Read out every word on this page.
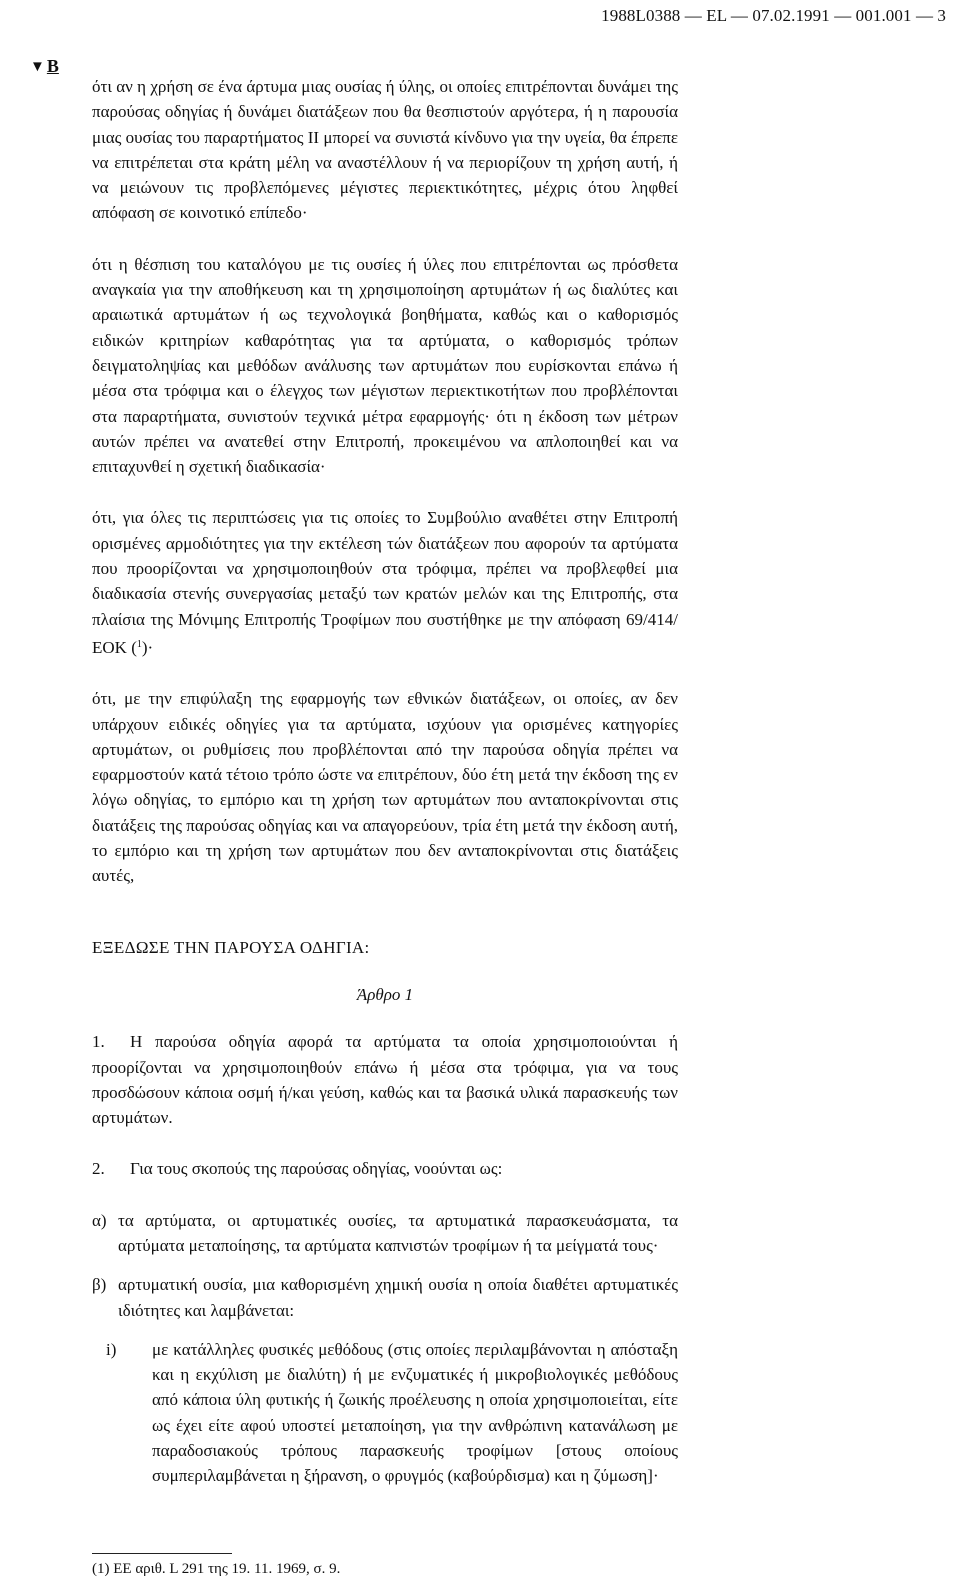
1988L0388 — EL — 07.02.1991 — 001.001 — 3
▼ B

ότι αν η χρήση σε ένα άρτυμα μιας ουσίας ή ύλης, οι οποίες επιτρέπονται δυνάμει της παρούσας οδηγίας ή δυνάμει διατάξεων που θα θεσπιστούν αργότερα, ή η παρουσία μιας ουσίας του παραρτήματος ΙΙ μπορεί να συνιστά κίνδυνο για την υγεία, θα έπρεπε να επιτρέπεται στα κράτη μέλη να αναστέλλουν ή να περιορίζουν τη χρήση αυτή, ή να μειώνουν τις προβλεπόμενες μέγιστες περιεκτικότητες, μέχρις ότου ληφθεί απόφαση σε κοινοτικό επίπεδο·

ότι η θέσπιση του καταλόγου με τις ουσίες ή ύλες που επιτρέπονται ως πρόσθετα αναγκαία για την αποθήκευση και τη χρησιμοποίηση αρτυμάτων ή ως διαλύτες και αραιωτικά αρτυμάτων ή ως τεχνολογικά βοηθήματα, καθώς και ο καθορισμός ειδικών κριτηρίων καθαρότητας για τα αρτύματα, ο καθορισμός τρόπων δειγματοληψίας και μεθόδων ανάλυσης των αρτυμάτων που ευρίσκονται επάνω ή μέσα στα τρόφιμα και ο έλεγχος των μέγιστων περιεκτικοτήτων που προβλέπονται στα παραρτήματα, συνιστούν τεχνικά μέτρα εφαρμογής· ότι η έκδοση των μέτρων αυτών πρέπει να ανατεθεί στην Επιτροπή, προκειμένου να απλοποιηθεί και να επιταχυνθεί η σχετική διαδικασία·

ότι, για όλες τις περιπτώσεις για τις οποίες το Συμβούλιο αναθέτει στην Επιτροπή ορισμένες αρμοδιότητες για την εκτέλεση τών διατάξεων που αφορούν τα αρτύματα που προορίζονται να χρησιμοποιηθούν στα τρόφιμα, πρέπει να προβλεφθεί μια διαδικασία στενής συνεργασίας μεταξύ των κρατών μελών και της Επιτροπής, στα πλαίσια της Μόνιμης Επιτροπής Τροφίμων που συστήθηκε με την απόφαση 69/414/ΕΟΚ ($^1$)·

ότι, με την επιφύλαξη της εφαρμογής των εθνικών διατάξεων, οι οποίες, αν δεν υπάρχουν ειδικές οδηγίες για τα αρτύματα, ισχύουν για ορισμένες κατηγορίες αρτυμάτων, οι ρυθμίσεις που προβλέπονται από την παρούσα οδηγία πρέπει να εφαρμοστούν κατά τέτοιο τρόπο ώστε να επιτρέπουν, δύο έτη μετά την έκδοση της εν λόγω οδηγίας, το εμπόριο και τη χρήση των αρτυμάτων που ανταποκρίνονται στις διατάξεις της παρούσας οδηγίας και να απαγορεύουν, τρία έτη μετά την έκδοση αυτή, το εμπόριο και τη χρήση των αρτυμάτων που δεν ανταποκρίνονται στις διατάξεις αυτές,

ΕΞΕΔΩΣΕ ΤΗΝ ΠΑΡΟΥΣΑ ΟΔΗΓΙΑ:

Άρθρο 1

1. Η παρούσα οδηγία αφορά τα αρτύματα τα οποία χρησιμοποιούνται ή προορίζονται να χρησιμοποιηθούν επάνω ή μέσα στα τρόφιμα, για να τους προσδώσουν κάποια οσμή ή/και γεύση, καθώς και τα βασικά υλικά παρασκευής των αρτυμάτων.

2. Για τους σκοπούς της παρούσας οδηγίας, νοούνται ως:

α) τα αρτύματα, οι αρτυματικές ουσίες, τα αρτυματικά παρασκευάσματα, τα αρτύματα μεταποίησης, τα αρτύματα καπνιστών τροφίμων ή τα μείγματά τους·
β) αρτυματική ουσία, μια καθορισμένη χημική ουσία η οποία διαθέτει αρτυματικές ιδιότητες και λαμβάνεται:
i)	με κατάλληλες φυσικές μεθόδους (στις οποίες περιλαμβάνονται η απόσταξη και η εκχύλιση με διαλύτη) ή με ενζυματικές ή μικροβιολογικές μεθόδους από κάποια ύλη φυτικής ή ζωικής προέλευσης η οποία χρησιμοποιείται, είτε ως έχει είτε αφού υποστεί μεταποίηση, για την ανθρώπινη κατανάλωση με παραδοσιακούς τρόπους παρασκευής τροφίμων [στους οποίους συμπεριλαμβάνεται η ξήρανση, ο φρυγμός (καβούρδισμα) και η ζύμωση]·
(1) ΕΕ αριθ. L 291 της 19. 11. 1969, σ. 9.
